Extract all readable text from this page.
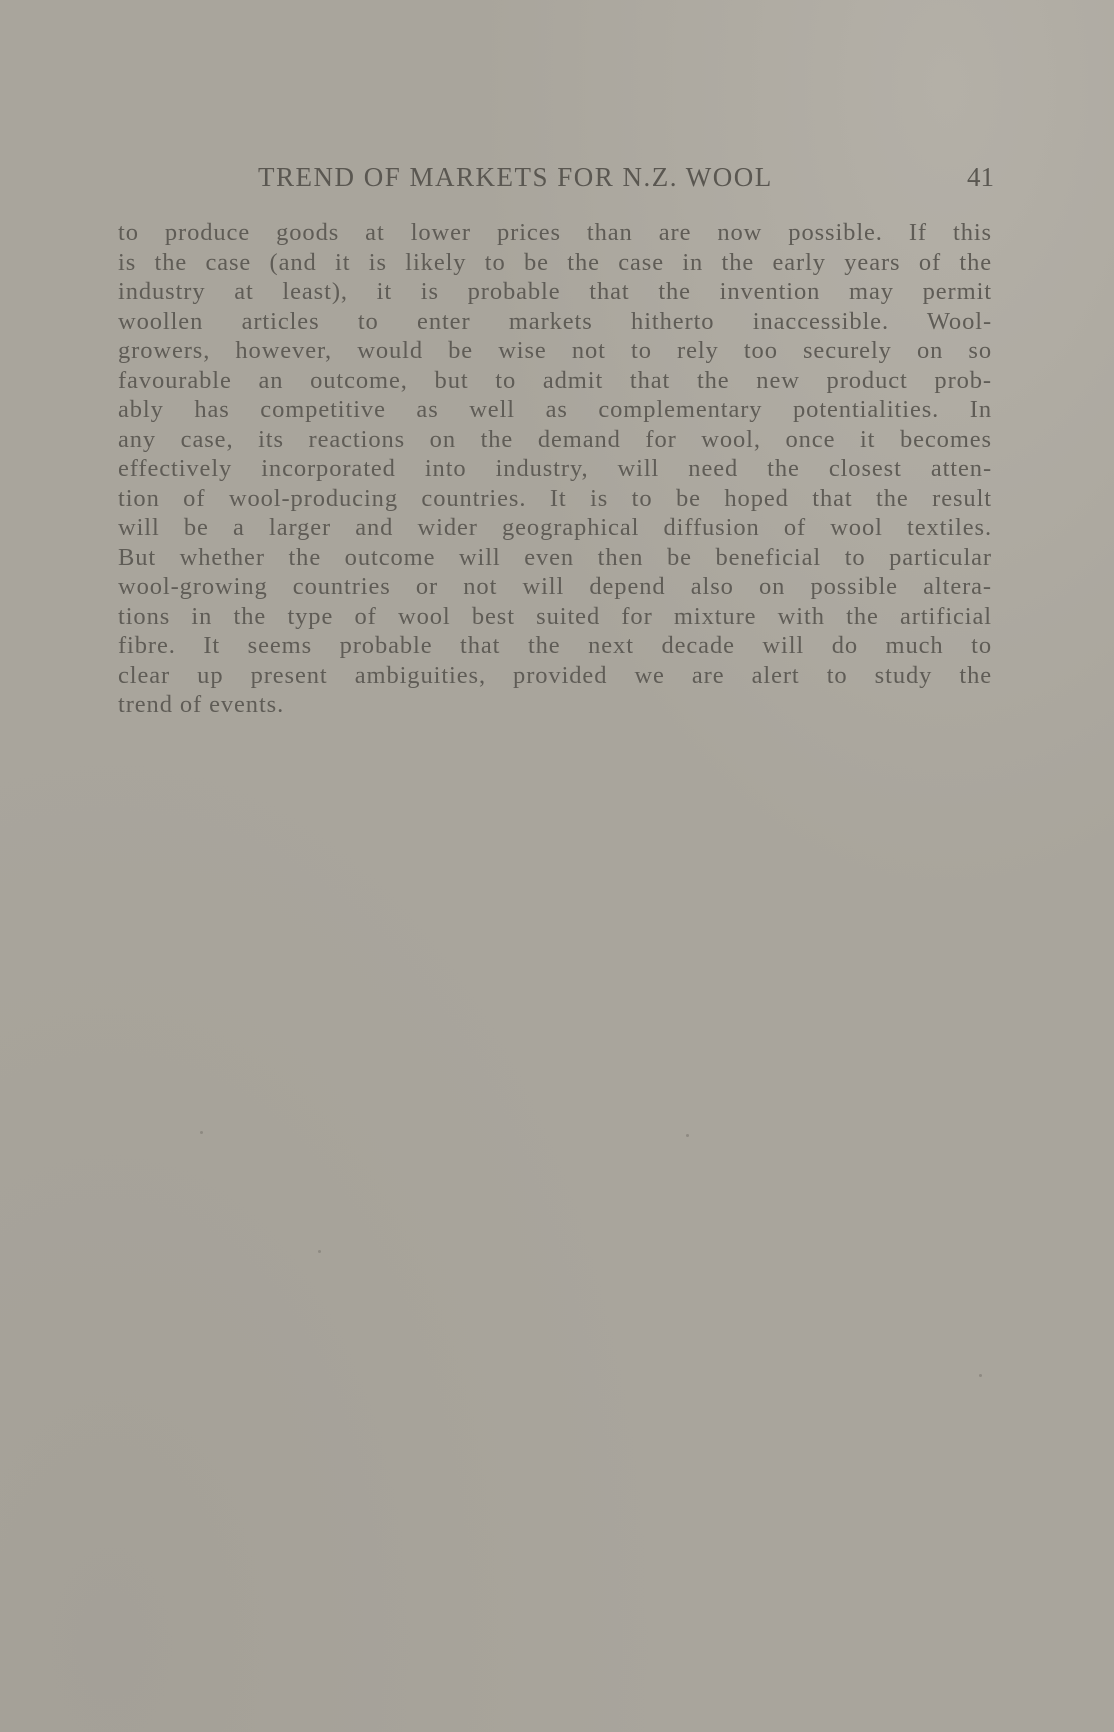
TREND OF MARKETS FOR N.Z. WOOL	41
to produce goods at lower prices than are now possible. If this
is the case (and it is likely to be the case in the early years of the
industry at least), it is probable that the invention may permit
woollen articles to enter markets hitherto inaccessible. Wool-
growers, however, would be wise not to rely too securely on so
favourable an outcome, but to admit that the new product prob-
ably has competitive as well as complementary potentialities. In
any case, its reactions on the demand for wool, once it becomes
effectively incorporated into industry, will need the closest atten-
tion of wool-producing countries. It is to be hoped that the result
will be a larger and wider geographical diffusion of wool textiles.
But whether the outcome will even then be beneficial to particular
wool-growing countries or not will depend also on possible altera-
tions in the type of wool best suited for mixture with the artificial
fibre. It seems probable that the next decade will do much to
clear up present ambiguities, provided we are alert to study the
trend of events.
